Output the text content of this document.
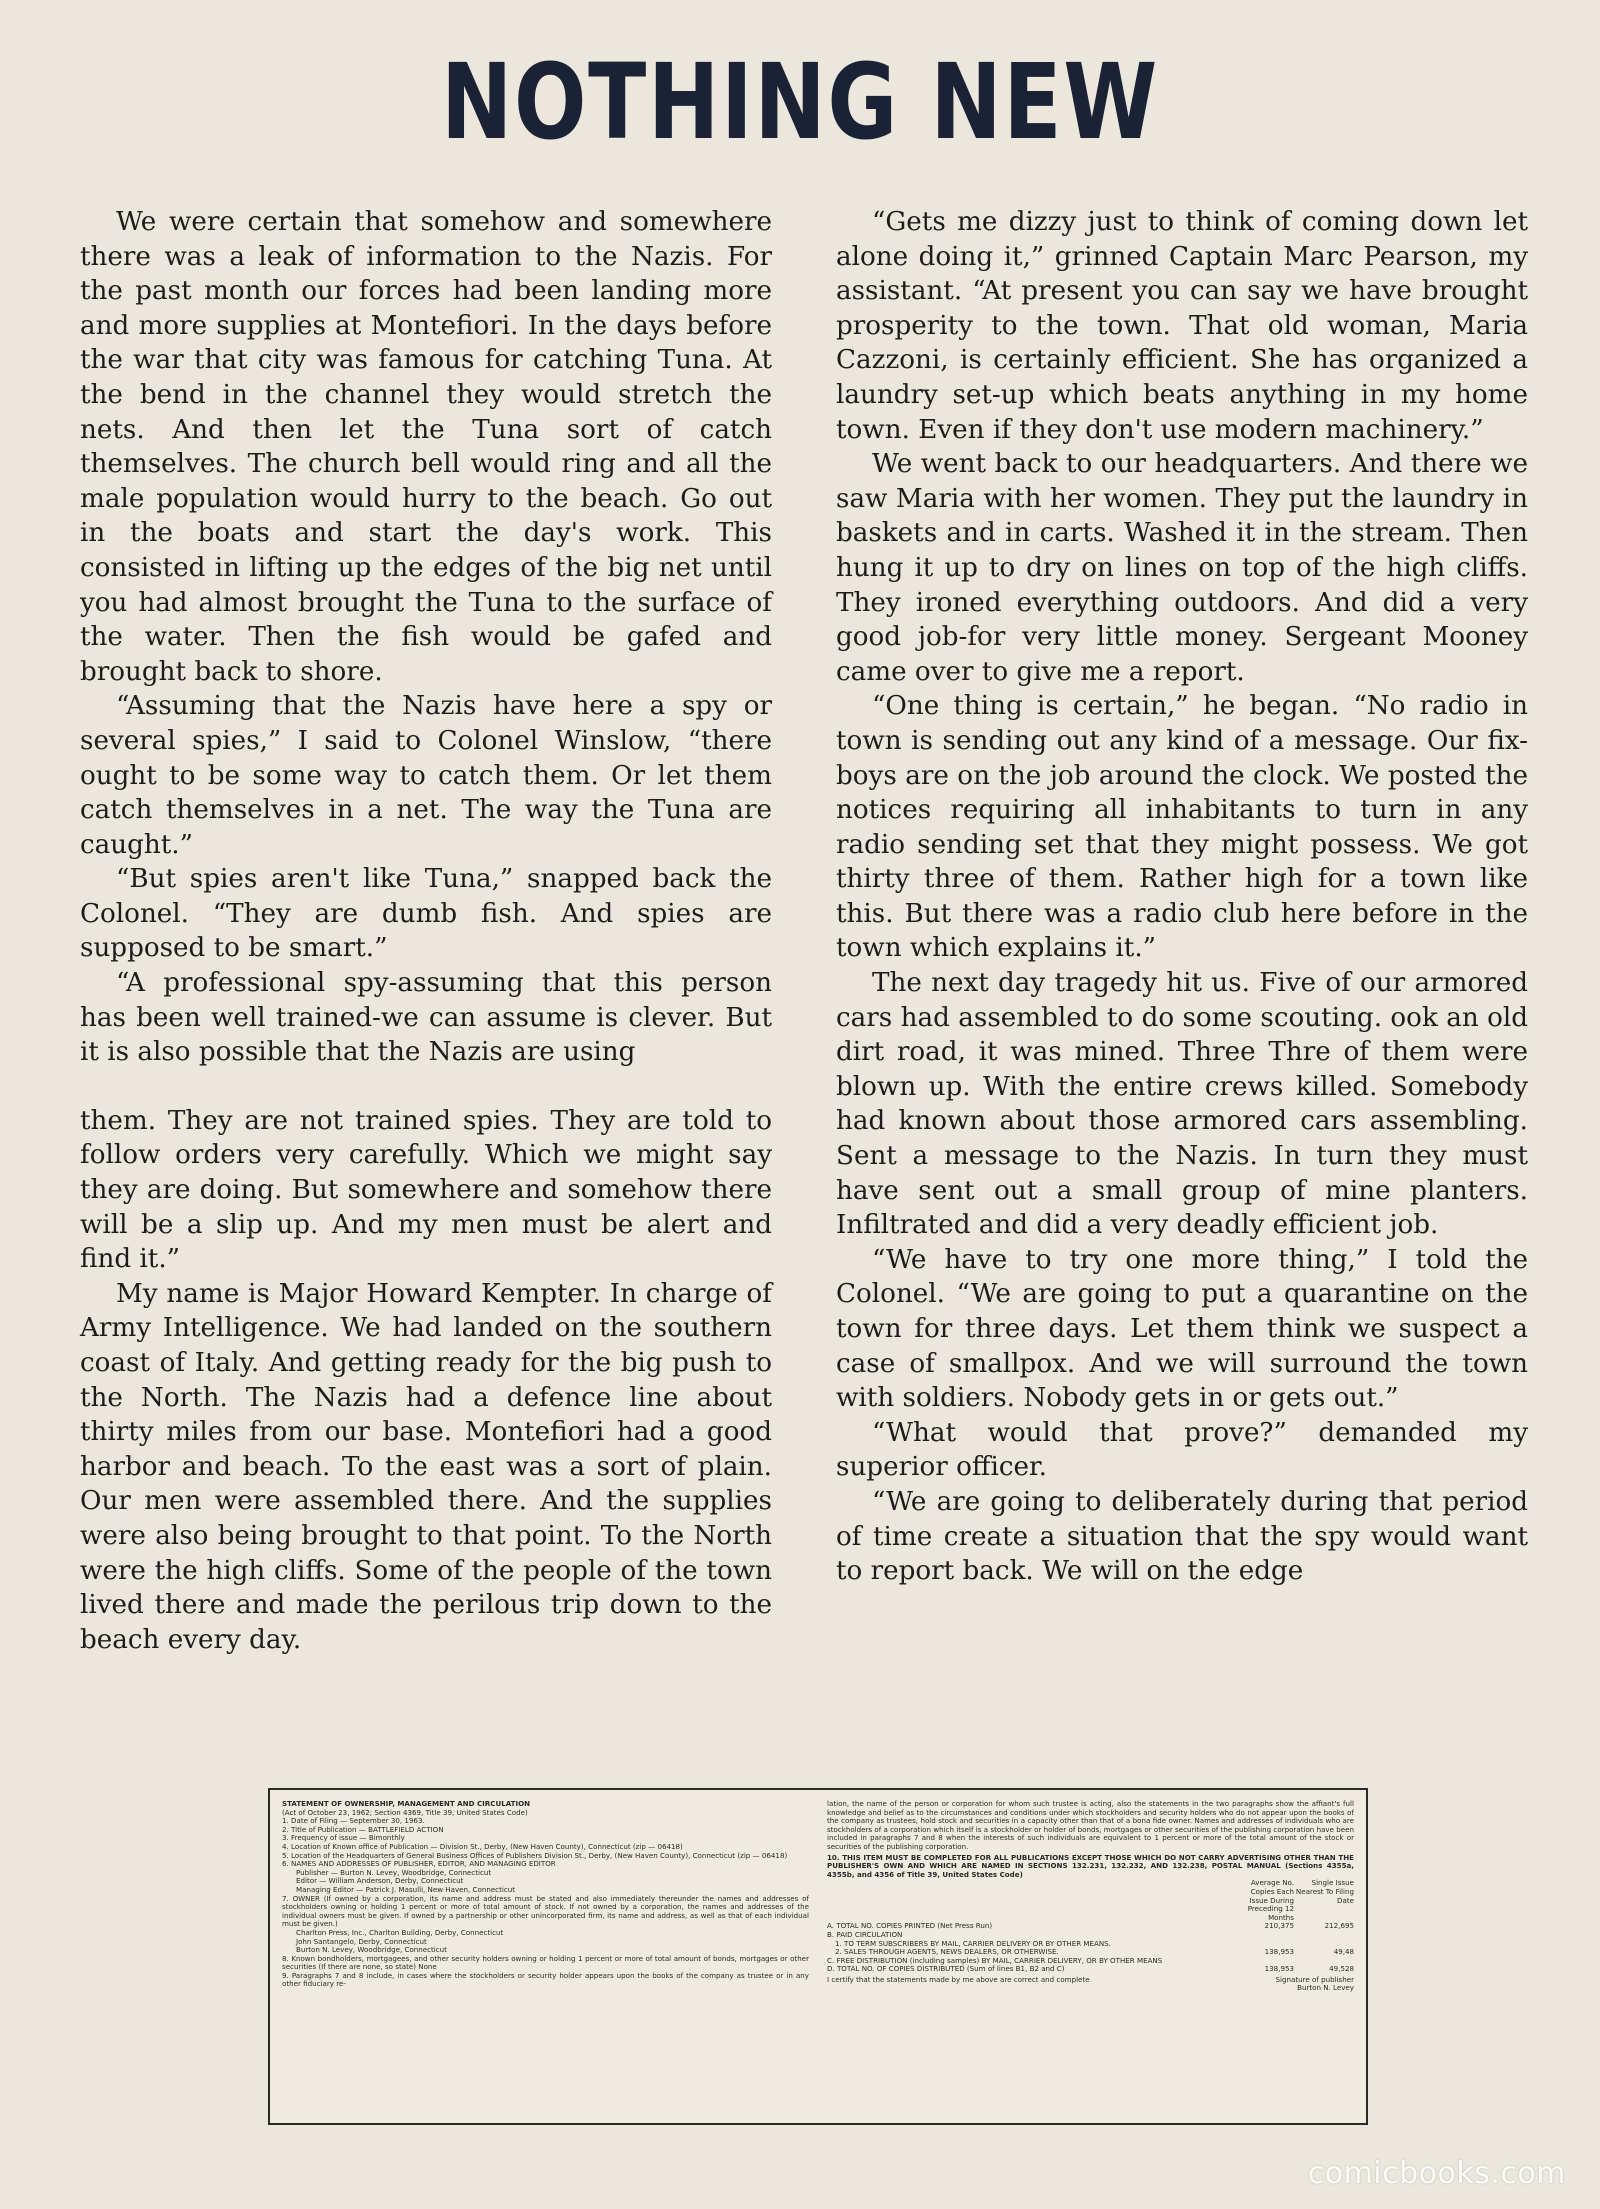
NOTHING NEW

We were certain that somehow and somewhere there was a leak of information to the Nazis. For the past month our forces had been landing more and more supplies at Montefiori. In the days before the war that city was famous for catching Tuna. At the bend in the channel they would stretch the nets. And then let the Tuna sort of catch themselves. The church bell would ring and all the male population would hurry to the beach. Go out in the boats and start the day's work. This consisted in lifting up the edges of the big net until you had almost brought the Tuna to the surface of the water. Then the fish would be gafed and brought back to shore.

“Assuming that the Nazis have here a spy or several spies,” I said to Colonel Winslow, “there ought to be some way to catch them. Or let them catch themselves in a net. The way the Tuna are caught.”

“But spies aren't like Tuna,” snapped back the Colonel. “They are dumb fish. And spies are supposed to be smart.”

“A professional spy-assuming that this person has been well trained-we can assume is clever. But it is also possible that the Nazis are using

them. They are not trained spies. They are told to follow orders very carefully. Which we might say they are doing. But somewhere and somehow there will be a slip up. And my men must be alert and find it.”

My name is Major Howard Kempter. In charge of Army Intelligence. We had landed on the southern coast of Italy. And getting ready for the big push to the North. The Nazis had a defence line about thirty miles from our base. Montefiori had a good harbor and beach. To the east was a sort of plain. Our men were assembled there. And the supplies were also being brought to that point. To the North were the high cliffs. Some of the people of the town lived there and made the perilous trip down to the beach every day.

“Gets me dizzy just to think of coming down let alone doing it,” grinned Captain Marc Pearson, my assistant. “At present you can say we have brought prosperity to the town. That old woman, Maria Cazzoni, is certainly efficient. She has organized a laundry set-up which beats anything in my home town. Even if they don't use modern machinery.”

We went back to our headquarters. And there we saw Maria with her women. They put the laundry in baskets and in carts. Washed it in the stream. Then hung it up to dry on lines on top of the high cliffs. They ironed everything outdoors. And did a very good job-for very little money. Sergeant Mooney came over to give me a report.

“One thing is certain,” he began. “No radio in town is sending out any kind of a message. Our fix-boys are on the job around the clock. We posted the notices requiring all inhabitants to turn in any radio sending set that they might possess. We got thirty three of them. Rather high for a town like this. But there was a radio club here before in the town which explains it.”

The next day tragedy hit us. Five of our armored cars had assembled to do some scouting. ook an old dirt road, it was mined. Three Thre of them were blown up. With the entire crews killed. Somebody had known about those armored cars assembling. Sent a message to the Nazis. In turn they must have sent out a small group of mine planters. Infiltrated and did a very deadly efficient job.

“We have to try one more thing,” I told the Colonel. “We are going to put a quarantine on the town for three days. Let them think we suspect a case of smallpox. And we will surround the town with soldiers. Nobody gets in or gets out.”

“What would that prove?” demanded my superior officer.

“We are going to deliberately during that period of time create a situation that the spy would want to report back. We will on the edge

STATEMENT OF OWNERSHIP, MANAGEMENT AND CIRCULATION
(Act of October 23, 1962; Section 4369, Title 39, United States Code)
1. Date of Filing — September 30, 1963.
2. Title of Publication — BATTLEFIELD ACTION
3. Frequency of issue — Bimonthly
4. Location of Known office of Publication — Division St., Derby, (New Haven County), Connecticut (zip — 06418)
5. Location of the Headquarters of General Business Offices of Publishers Division St., Derby, (New Haven County), Connecticut (zip — 06418)
6. NAMES AND ADDRESSES OF PUBLISHER, EDITOR, AND MANAGING EDITOR
Publisher — Burton N. Levey, Woodbridge, Connecticut
Editor — William Anderson, Derby, Connecticut
Managing Editor — Patrick J. Masulli, New Haven, Connecticut
7. OWNER (If owned by a corporation, its name and address must be stated and also immediately thereunder the names and addresses of stockholders owning or holding 1 percent or more of total amount of stock. If not owned by a corporation, the names and addresses of the individual owners must be given. If owned by a partnership or other unincorporated firm, its name and address, as well as that of each individual must be given.)
Charlton Press, Inc., Charlton Building, Derby, Connecticut
John Santangelo, Derby, Connecticut
Burton N. Levey, Woodbridge, Connecticut
8. Known bondholders, mortgagees, and other security holders owning or holding 1 percent or more of total amount of bonds, mortgages or other securities (If there are none, so state) None
9. Paragraphs 7 and 8 include, in cases where the stockholders or security holder appears upon the books of the company as trustee or in any other fiduciary re-
lation, the name of the person or corporation for whom such trustee is acting, also the statements in the two paragraphs show the affiant's full knowledge and belief as to the circumstances and conditions under which stockholders and security holders who do not appear upon the books of the company as trustees, hold stock and securities in a capacity other than that of a bona fide owner. Names and addresses of individuals who are stockholders of a corporation which itself is a stockholder or holder of bonds, mortgages or other securities of the publishing corporation have been included in paragraphs 7 and 8 when the interests of such individuals are equivalent to 1 percent or more of the total amount of the stock or securities of the publishing corporation.
10. THIS ITEM MUST BE COMPLETED FOR ALL PUBLICATIONS EXCEPT THOSE WHICH DO NOT CARRY ADVERTISING OTHER THAN THE PUBLISHER'S OWN AND WHICH ARE NAMED IN SECTIONS 132.231, 132.232, AND 132.238, POSTAL MANUAL (Sections 4355a, 4355b, and 4356 of Title 39, United States Code)
	Average No. Copies Each Issue During Preceding 12 Months	Single Issue Nearest To Filing Date
A. TOTAL NO. COPIES PRINTED (Net Press Run)	210,375	212,695
B. PAID CIRCULATION		
1. TO TERM SUBSCRIBERS BY MAIL, CARRIER DELIVERY OR BY OTHER MEANS.		
2. SALES THROUGH AGENTS, NEWS DEALERS, OR OTHERWISE.	138,953	49,48
C. FREE DISTRIBUTION (including samples) BY MAIL, CARRIER DELIVERY, OR BY OTHER MEANS		
D. TOTAL NO. OF COPIES DISTRIBUTED (Sum of lines B1, B2 and C)	138,953	49,528
I certify that the statements made by me above are correct and complete	Signature of publisher
Burton N. Levey
comicbooks.com
